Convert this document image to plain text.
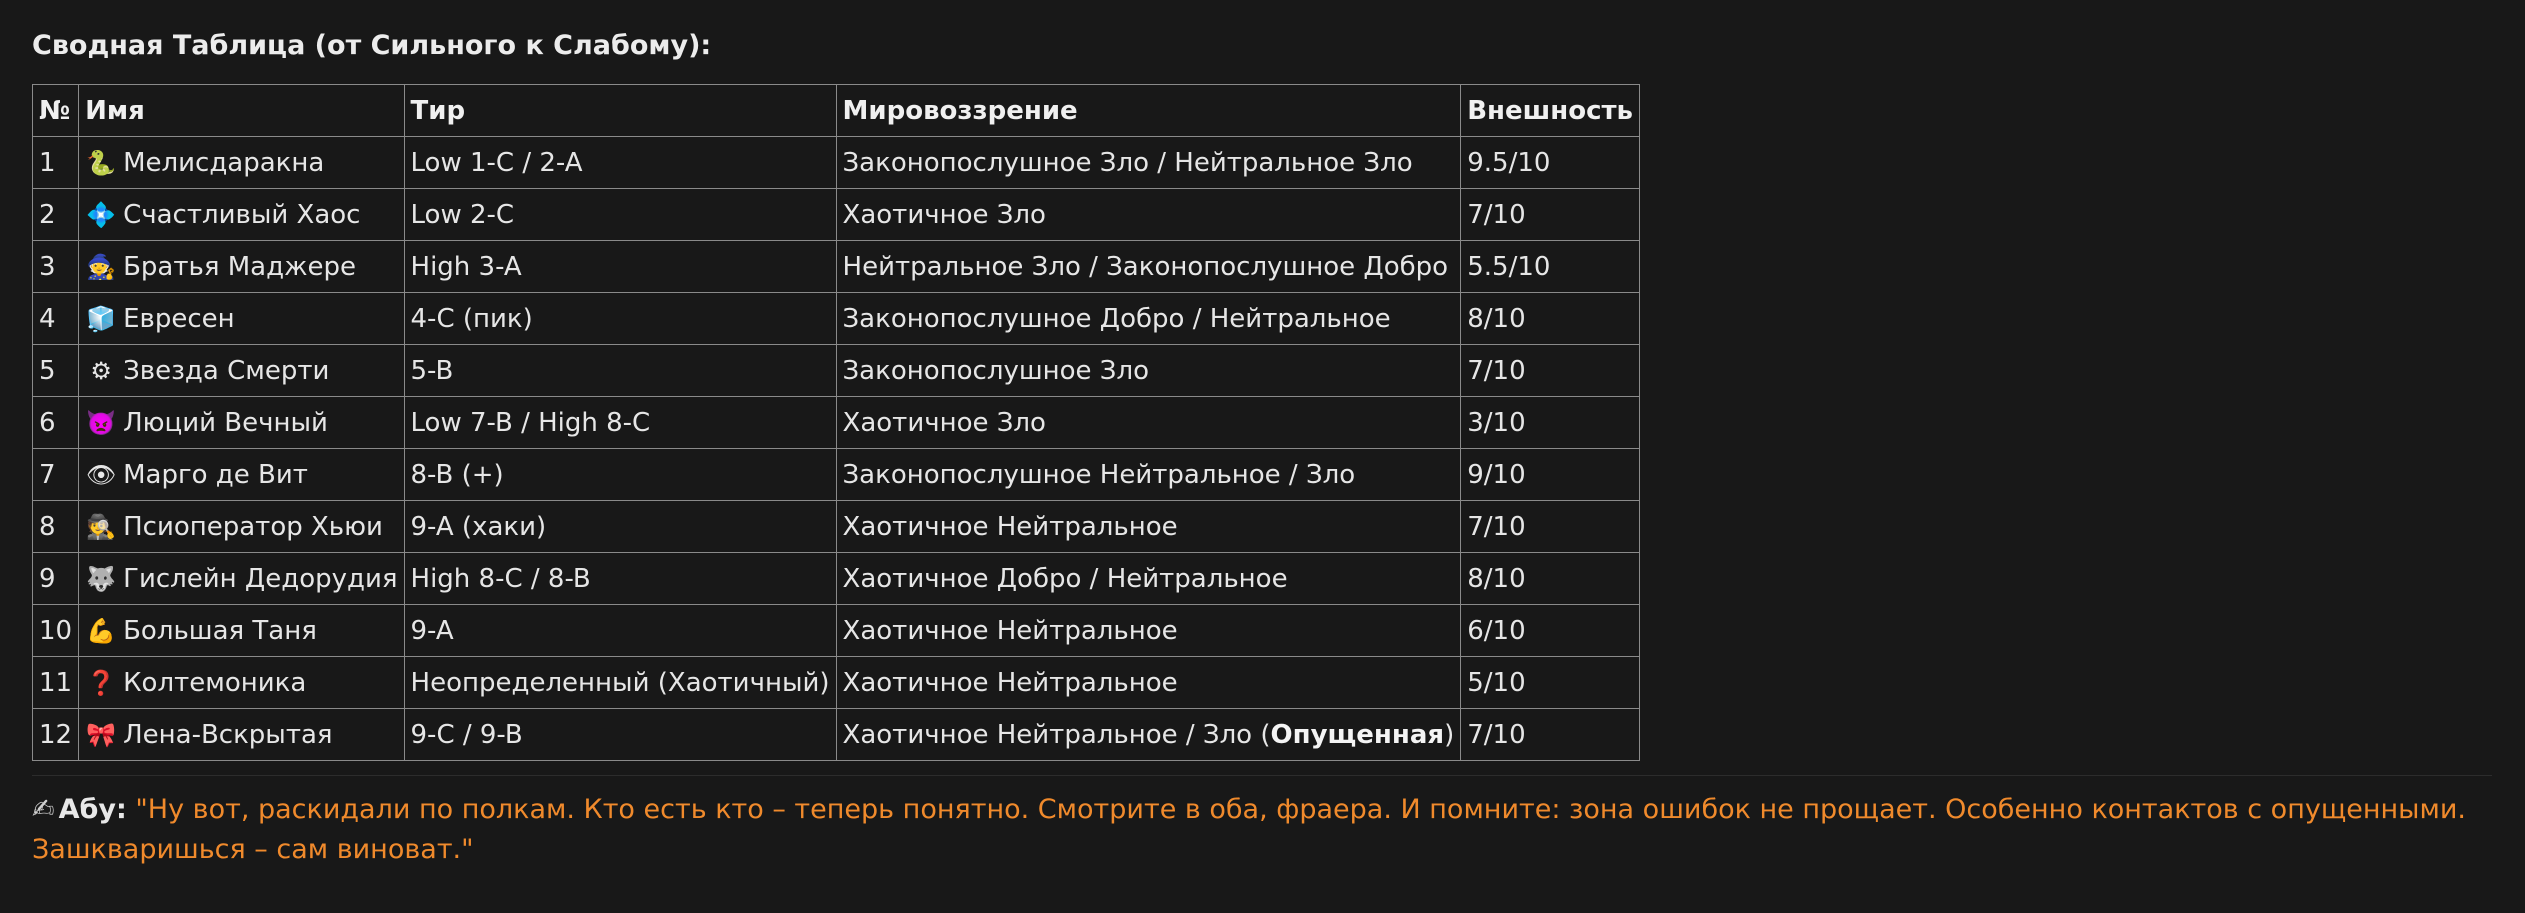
Сводная Таблица (от Сильного к Слабому):
№	Имя	Тир	Мировоззрение	Внешность
1	🐍 Мелисдаракна	Low 1-C / 2-A	Законопослушное Зло / Нейтральное Зло	9.5/10
2	💠 Счастливый Хаос	Low 2-C	Хаотичное Зло	7/10
3	🧙 Братья Маджере	High 3-A	Нейтральное Зло / Законопослушное Добро	5.5/10
4	🧊 Евресен	4-C (пик)	Законопослушное Добро / Нейтральное	8/10
5	⚙ Звезда Смерти	5-B	Законопослушное Зло	7/10
6	👿 Люций Вечный	Low 7-B / High 8-C	Хаотичное Зло	3/10
7	👁 Марго де Вит	8-B (+)	Законопослушное Нейтральное / Зло	9/10
8	🕵 Псиоператор Хьюи	9-A (хаки)	Хаотичное Нейтральное	7/10
9	🐺 Гислейн Дедорудия	High 8-C / 8-B	Хаотичное Добро / Нейтральное	8/10
10	💪 Большая Таня	9-A	Хаотичное Нейтральное	6/10
11	❓ Колтемоника	Неопределенный (Хаотичный)	Хаотичное Нейтральное	5/10
12	🎀 Лена-Вскрытая	9-C / 9-B	Хаотичное Нейтральное / Зло (Опущенная)	7/10
✍ Абу: "Ну вот, раскидали по полкам. Кто есть кто – теперь понятно. Смотрите в оба, фраера. И помните: зона ошибок не прощает. Особенно контактов с опущенными. Зашкваришься – сам виноват."
